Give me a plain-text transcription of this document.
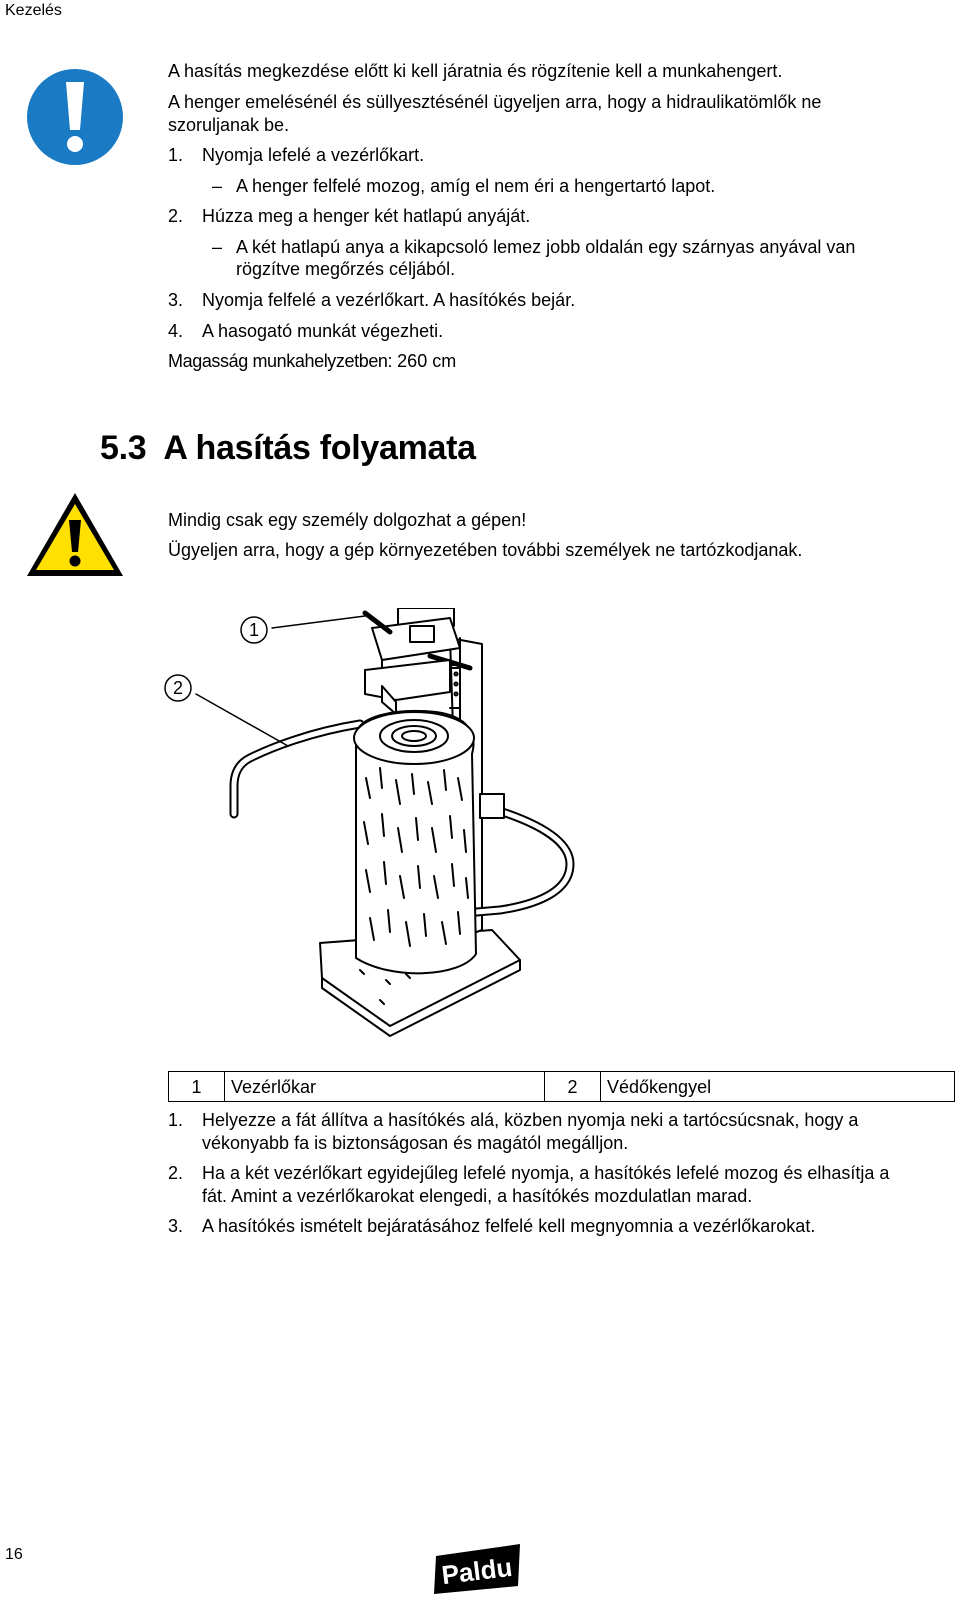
Kezelés
A hasítás megkezdése előtt ki kell járatnia és rögzítenie kell a munkahengert.
A henger emelésénél és süllyesztésénél ügyeljen arra, hogy a hidraulikatömlők ne
szoruljanak be.
1. Nyomja lefelé a vezérlőkart.
– A henger felfelé mozog, amíg el nem éri a hengertartó lapot.
2. Húzza meg a henger két hatlapú anyáját.
– A két hatlapú anya a kikapcsoló lemez jobb oldalán egy szárnyas anyával van
rögzítve megőrzés céljából.
3. Nyomja felfelé a vezérlőkart. A hasítókés bejár.
4. A hasogató munkát végezheti.
Magasság munkahelyzetben: 260 cm
5.3 A hasítás folyamata
Mindig csak egy személy dolgozhat a gépen!
Ügyeljen arra, hogy a gép környezetében további személyek ne tartózkodjanak.
1
2
1	Vezérlőkar	2	Védőkengyel
1. Helyezze a fát állítva a hasítókés alá, közben nyomja neki a tartócsúcsnak, hogy a
vékonyabb fa is biztonságosan és magától megálljon.
2. Ha a két vezérlőkart egyidejűleg lefelé nyomja, a hasítókés lefelé mozog és elhasítja a
fát. Amint a vezérlőkarokat elengedi, a hasítókés mozdulatlan marad.
3. A hasítókés ismételt bejáratásához felfelé kell megnyomnia a vezérlőkarokat.
16	Paldu
